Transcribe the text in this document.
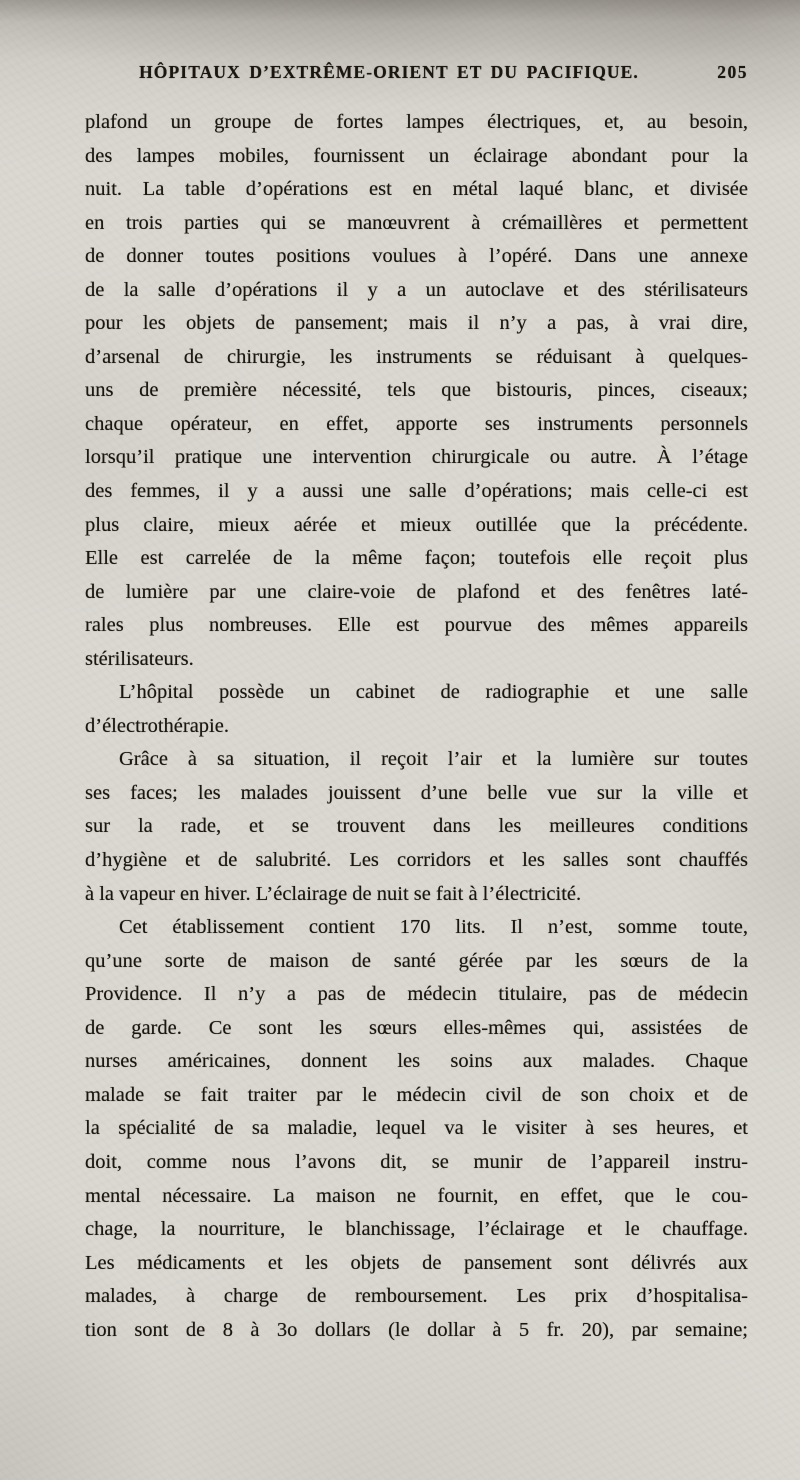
HÔPITAUX D’EXTRÊME-ORIENT ET DU PACIFIQUE.	205

plafond un groupe de fortes lampes électriques, et, au besoin,
des lampes mobiles, fournissent un éclairage abondant pour la
nuit. La table d’opérations est en métal laqué blanc, et divisée
en trois parties qui se manœuvrent à crémaillères et permettent
de donner toutes positions voulues à l’opéré. Dans une annexe
de la salle d’opérations il y a un autoclave et des stérilisateurs
pour les objets de pansement; mais il n’y a pas, à vrai dire,
d’arsenal de chirurgie, les instruments se réduisant à quelques-
uns de première nécessité, tels que bistouris, pinces, ciseaux;
chaque opérateur, en effet, apporte ses instruments personnels
lorsqu’il pratique une intervention chirurgicale ou autre. À l’étage
des femmes, il y a aussi une salle d’opérations; mais celle-ci est
plus claire, mieux aérée et mieux outillée que la précédente.
Elle est carrelée de la même façon; toutefois elle reçoit plus
de lumière par une claire-voie de plafond et des fenêtres laté-
rales plus nombreuses. Elle est pourvue des mêmes appareils
stérilisateurs.

L’hôpital possède un cabinet de radiographie et une salle
d’électrothérapie.

Grâce à sa situation, il reçoit l’air et la lumière sur toutes
ses faces; les malades jouissent d’une belle vue sur la ville et
sur la rade, et se trouvent dans les meilleures conditions
d’hygiène et de salubrité. Les corridors et les salles sont chauffés
à la vapeur en hiver. L’éclairage de nuit se fait à l’électricité.

Cet établissement contient 170 lits. Il n’est, somme toute,
qu’une sorte de maison de santé gérée par les sœurs de la
Providence. Il n’y a pas de médecin titulaire, pas de médecin
de garde. Ce sont les sœurs elles-mêmes qui, assistées de
nurses américaines, donnent les soins aux malades. Chaque
malade se fait traiter par le médecin civil de son choix et de
la spécialité de sa maladie, lequel va le visiter à ses heures, et
doit, comme nous l’avons dit, se munir de l’appareil instru-
mental nécessaire. La maison ne fournit, en effet, que le cou-
chage, la nourriture, le blanchissage, l’éclairage et le chauffage.
Les médicaments et les objets de pansement sont délivrés aux
malades, à charge de remboursement. Les prix d’hospitalisa-
tion sont de 8 à 3o dollars (le dollar à 5 fr. 20), par semaine;
